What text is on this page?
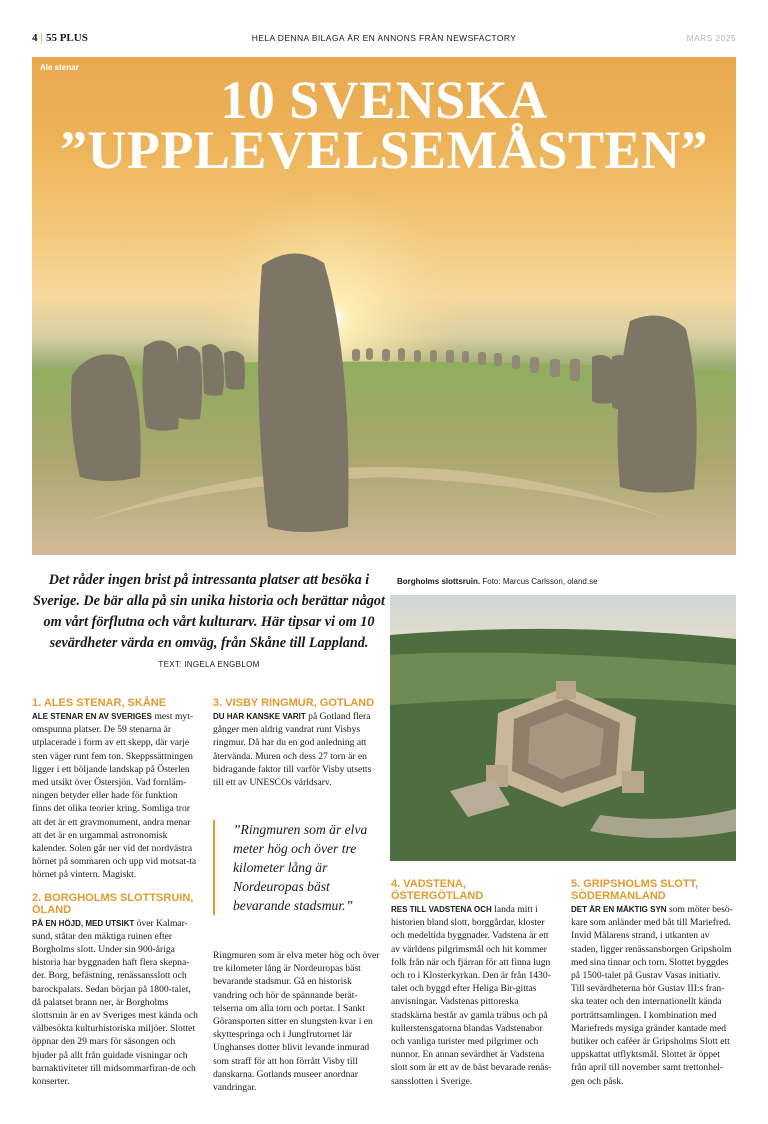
4 | 55 PLUS	HELA DENNA BILAGA ÄR EN ANNONS FRÅN NEWSFACTORY	MARS 2025
Ale stenar
10 SVENSKA
”UPPLEVELSEMÅSTEN”

Det råder ingen brist på intressanta platser att besöka i Sverige. De bär alla på sin unika historia och berättar något om vårt förflutna och vårt kulturarv. Här tipsar vi om 10 sevärdheter värda en omväg, från Skåne till Lappland.

TEXT: INGELA ENGBLOM

Borgholms slottsruin. Foto: Marcus Carlsson, oland.se
1. ALES STENAR, SKÅNE

ALE STENAR EN AV SVERIGES mest myt-omspunna platser. De 59 stenarna är utplacerade i form av ett skepp, där varje sten väger runt fem ton. Skeppssättningen ligger i ett böljande landskap på Österlen med utsikt över Östersjön. Vad fornläm-ningen betyder eller hade för funktion finns det olika teorier kring. Somliga tror att det är ett gravmonument, andra menar att det är en urgammal astronomisk kalender. Solen går ner vid det nordvästra hörnet på sommaren och upp vid motsat-ta hörnet på vintern. Magiskt.

2. BORGHOLMS SLOTTSRUIN, ÖLAND

PÅ EN HÖJD, MED UTSIKT över Kalmar-sund, ståtar den mäktiga ruinen efter Borgholms slott. Under sin 900-åriga historia har byggnaden haft flera skepna-der. Borg, befästning, renässansslott och barockpalats. Sedan början på 1800-talet, då palatset brann ner, är Borgholms slottsruin är en av Sveriges mest kända och välbesökta kulturhistoriska miljöer. Slottet öppnar den 29 mars för säsongen och bjuder på allt från guidade visningar och barnaktiviteter till midsommarfiran-de och konserter.

3. VISBY RINGMUR, GOTLAND

DU HAR KANSKE VARIT på Gotland flera gånger men aldrig vandrat runt Visbys ringmur. Då har du en god anledning att återvända. Muren och dess 27 torn är en bidragande faktor till varför Visby utsetts till ett av UNESCOs världsarv.

”Ringmuren som är elva meter hög och över tre kilometer lång är Nordeuropas bäst bevarande stadsmur.”

Ringmuren som är elva meter hög och över tre kilometer lång är Nordeuropas bäst bevarande stadsmur. Gå en historisk vandring och hör de spännande berät-telserna om alla torn och portar. I Sankt Göransporten sitter en slungsten kvar i en skyttespringa och i Jungfrutornet lär Unghanses dotter blivit levande inmurad som straff för att hon förrått Visby till danskarna. Gotlands museer anordnar vandringar.

4. VADSTENA, ÖSTERGÖTLAND

RES TILL VADSTENA OCH landa mitt i historien bland slott, borggårdar, kloster och medeltida byggnader. Vadstena är ett av världens pilgrimsmål och hit kommer folk från när och fjärran för att finna lugn och ro i Klosterkyrkan. Den är från 1430-talet och byggd efter Heliga Bir-gittas anvisningar. Vadstenas pittoreska stadskärna består av gamla träbus och på kullerstensgatorna blandas Vadstenabor och vanliga turister med pilgrimer och nunnor. En annan sevärdhet är Vadstena slott som är ett av de bäst bevarade renäs-sansslotten i Sverige.

5. GRIPSHOLMS SLOTT, SÖDERMANLAND

DET ÄR EN MÄKTIG SYN som möter besö-kare som anländer med båt till Mariefred. Invid Mälarens strand, i utkanten av staden, ligger renässansborgen Gripsholm med sina tinnar och torn. Slottet byggdes på 1500-talet på Gustav Vasas initiativ. Till sevärdheterna hör Gustav III:s fran-ska teater och den internationellt kända porträttsamlingen. I kombination med Mariefreds mysiga gränder kantade med butiker och caféer är Gripsholms Slott ett uppskattat utflyktsmål. Slottet är öppet från april till november samt trettonhel-gen och påsk.
